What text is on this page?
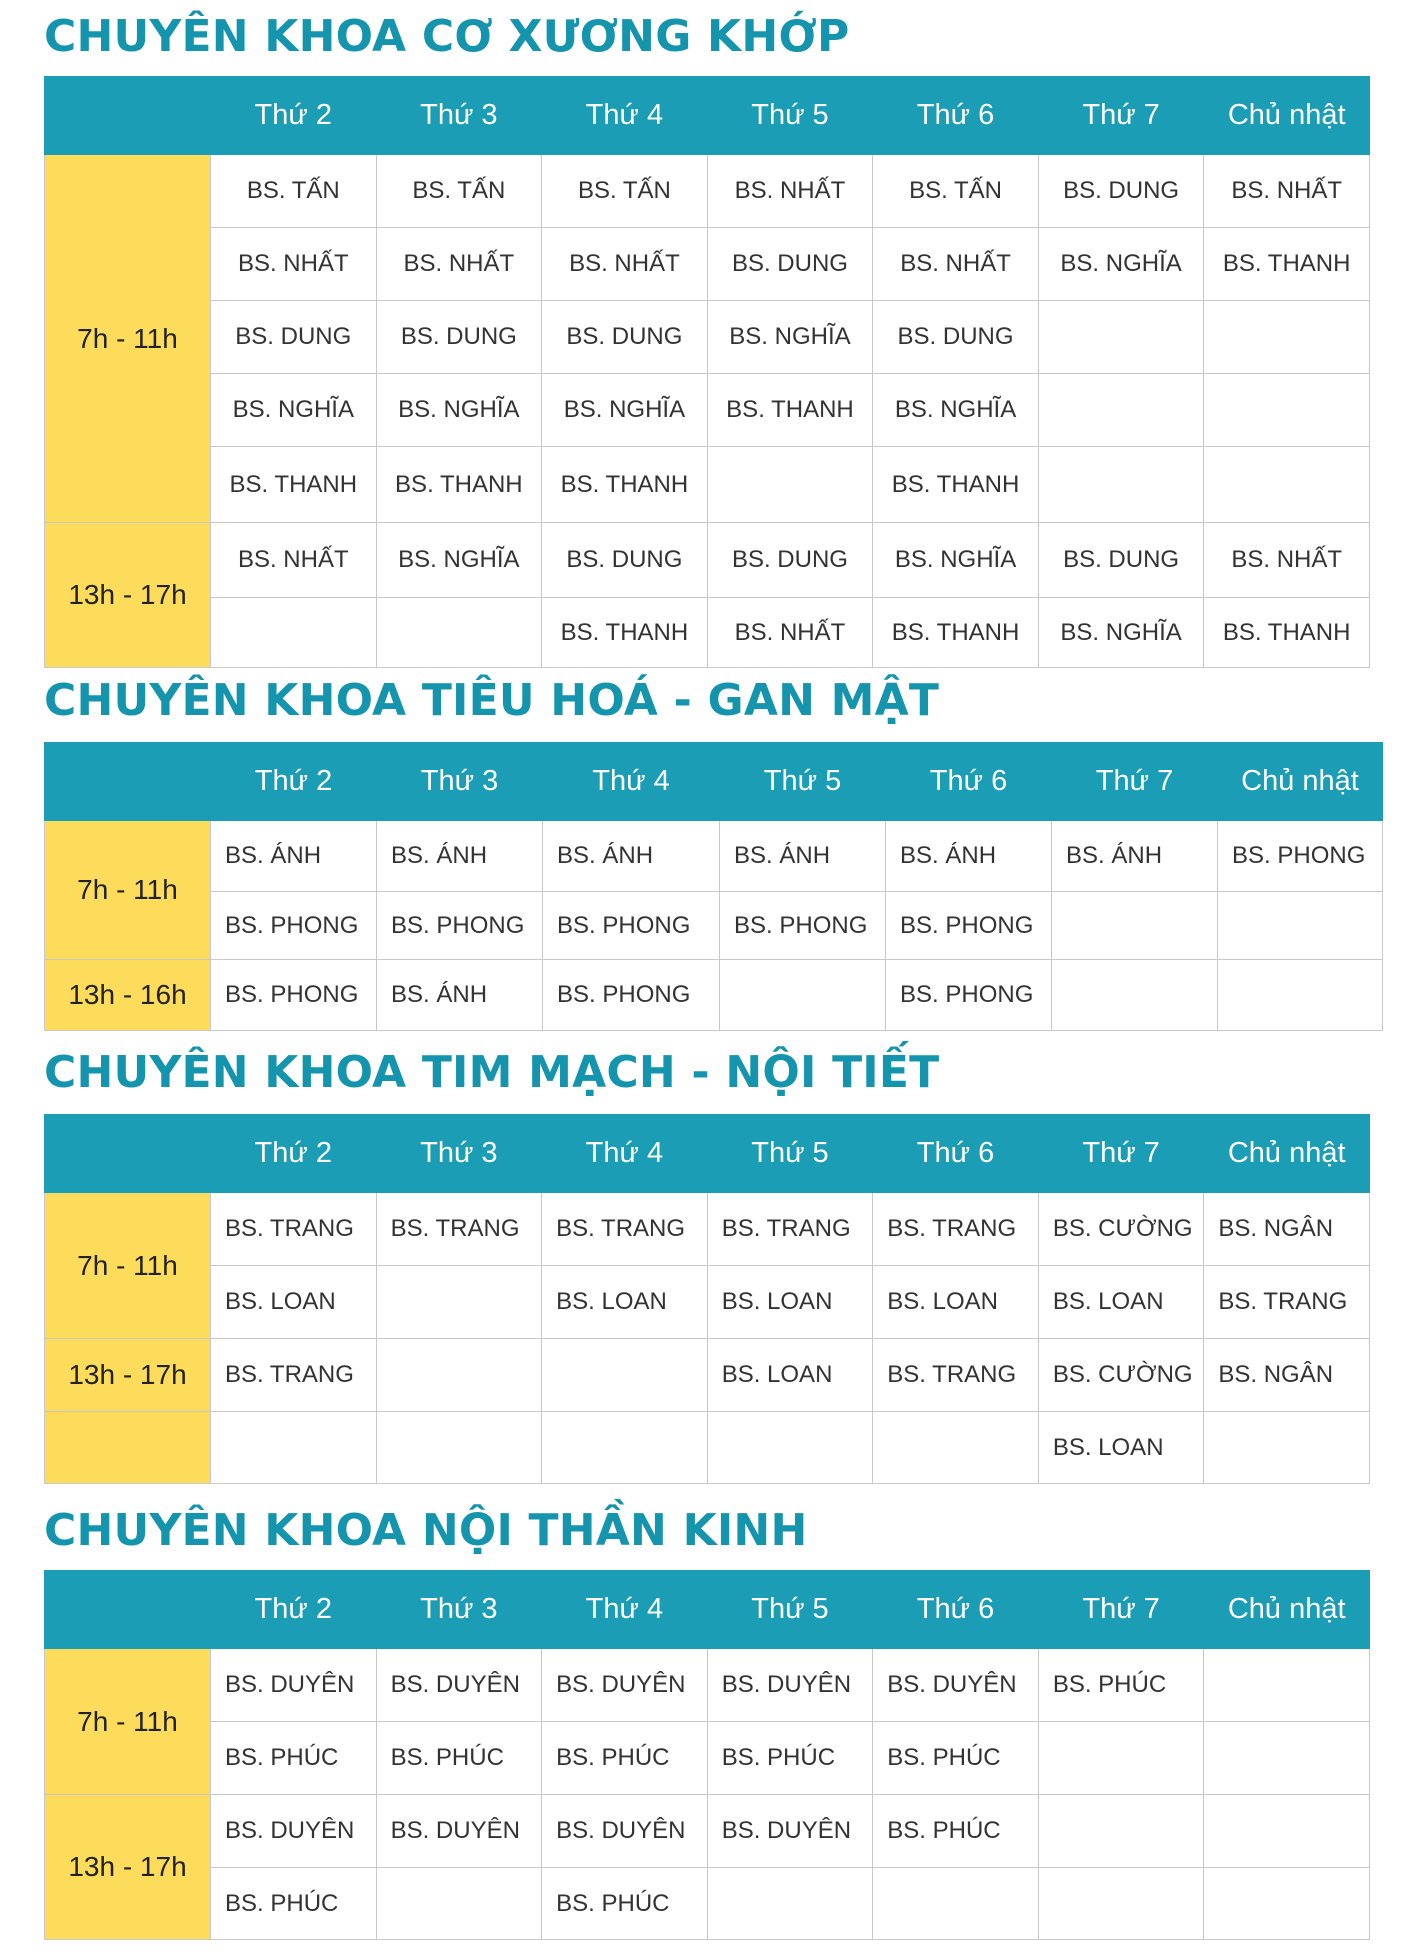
CHUYÊN KHOA CƠ XƯƠNG KHỚP
	Thứ 2	Thứ 3	Thứ 4	Thứ 5	Thứ 6	Thứ 7	Chủ nhật
7h - 11h	BS. TẤN	BS. TẤN	BS. TẤN	BS. NHẤT	BS. TẤN	BS. DUNG	BS. NHẤT
	BS. NHẤT	BS. NHẤT	BS. NHẤT	BS. DUNG	BS. NHẤT	BS. NGHĨA	BS. THANH
	BS. DUNG	BS. DUNG	BS. DUNG	BS. NGHĨA	BS. DUNG		
	BS. NGHĨA	BS. NGHĨA	BS. NGHĨA	BS. THANH	BS. NGHĨA		
	BS. THANH	BS. THANH	BS. THANH		BS. THANH		
13h - 17h	BS. NHẤT	BS. NGHĨA	BS. DUNG	BS. DUNG	BS. NGHĨA	BS. DUNG	BS. NHẤT
			BS. THANH	BS. NHẤT	BS. THANH	BS. NGHĨA	BS. THANH
CHUYÊN KHOA TIÊU HOÁ - GAN MẬT
	Thứ 2	Thứ 3	Thứ 4	Thứ 5	Thứ 6	Thứ 7	Chủ nhật
7h - 11h	BS. ÁNH	BS. ÁNH	BS. ÁNH	BS. ÁNH	BS. ÁNH	BS. ÁNH	BS. PHONG
	BS. PHONG	BS. PHONG	BS. PHONG	BS. PHONG	BS. PHONG		
13h - 16h	BS. PHONG	BS. ÁNH	BS. PHONG		BS. PHONG		
CHUYÊN KHOA TIM MẠCH - NỘI TIẾT
	Thứ 2	Thứ 3	Thứ 4	Thứ 5	Thứ 6	Thứ 7	Chủ nhật
7h - 11h	BS. TRANG	BS. TRANG	BS. TRANG	BS. TRANG	BS. TRANG	BS. CƯỜNG	BS. NGÂN
	BS. LOAN		BS. LOAN	BS. LOAN	BS. LOAN	BS. LOAN	BS. TRANG
13h - 17h	BS. TRANG			BS. LOAN	BS. TRANG	BS. CƯỜNG	BS. NGÂN
						BS. LOAN	
CHUYÊN KHOA NỘI THẦN KINH
	Thứ 2	Thứ 3	Thứ 4	Thứ 5	Thứ 6	Thứ 7	Chủ nhật
7h - 11h	BS. DUYÊN	BS. DUYÊN	BS. DUYÊN	BS. DUYÊN	BS. DUYÊN	BS. PHÚC	
	BS. PHÚC	BS. PHÚC	BS. PHÚC	BS. PHÚC	BS. PHÚC		
13h - 17h	BS. DUYÊN	BS. DUYÊN	BS. DUYÊN	BS. DUYÊN	BS. PHÚC		
	BS. PHÚC		BS. PHÚC				
